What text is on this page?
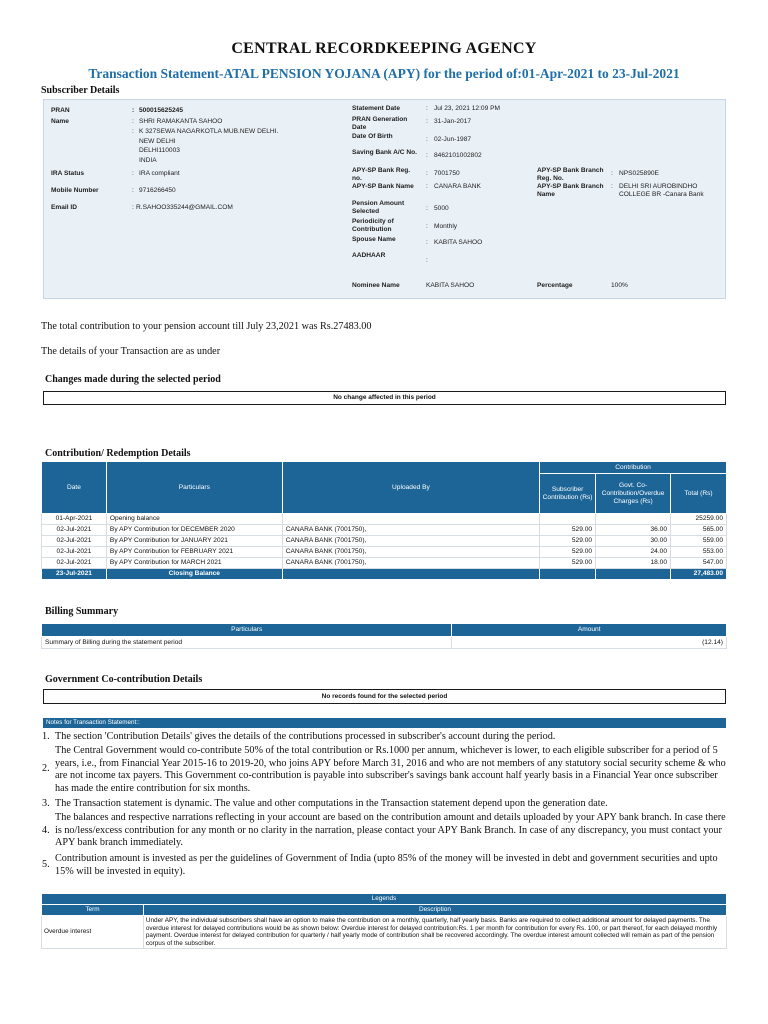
CENTRAL RECORDKEEPING AGENCY
Transaction Statement-ATAL PENSION YOJANA (APY) for the period of:01-Apr-2021 to 23-Jul-2021
Subscriber Details
PRAN	: 500015625245
Name	: SHRI RAMAKANTA SAHOO
: K 327SEWA NAGARKOTLA MUB.NEW DELHI.
NEW DELHI
DELHI110003
INDIA
IRA Status	: IRA compliant
Mobile Number	: 9716266450
Email ID	: R.SAHOO335244@GMAIL.COM
Statement Date	: Jul 23, 2021 12:09 PM
PRAN Generation Date
: 31-Jan-2017
Date Of Birth	: 02-Jun-1987
Saving Bank A/C No. : 8462101002802
APY-SP Bank Reg. no.
: 7001750
APY-SP Bank Name : CANARA BANK
Pension Amount Selected	: 5000
Periodicity of Contribution	: Monthly
Spouse Name	: KABITA SAHOO
AADHAAR
:
Nominee Name	KABITA SAHOO
APY-SP Bank Branch Reg. No.
: NPS025890E
APY-SP Bank Branch Name
: DELHI SRI AUROBINDHO
COLLEGE BR -Canara Bank
Percentage	100%
The total contribution to your pension account till July 23,2021 was Rs.27483.00
The details of your Transaction are as under
Changes made during the selected period
No change affected in this period
Contribution/ Redemption Details
Date	Particulars	Uploaded By	Contribution		
			Subscriber Contribution (Rs)	Govt. Co-Contribution/Overdue Charges (Rs)	Total (Rs)
01-Apr-2021	Opening balance				25259.00
02-Jul-2021	By APY Contribution for DECEMBER 2020	CANARA BANK (7001750),	529.00	36.00	565.00
02-Jul-2021	By APY Contribution for JANUARY 2021	CANARA BANK (7001750),	529.00	30.00	559.00
02-Jul-2021	By APY Contribution for FEBRUARY 2021	CANARA BANK (7001750),	529.00	24.00	553.00
02-Jul-2021	By APY Contribution for MARCH 2021	CANARA BANK (7001750),	529.00	18.00	547.00
23-Jul-2021	Closing Balance				27,483.00
Billing Summary
Particulars	Amount
Summary of Billing during the statement period	(12.14)
Government Co-contribution Details
No records found for the selected period
Notes for Transaction Statement::
1. The section 'Contribution Details' gives the details of the contributions processed in subscriber's account during the period.
2.
The Central Government would co-contribute 50% of the total contribution or Rs.1000 per annum, whichever is lower, to each eligible subscriber for a period of 5 years, i.e., from Financial Year 2015-16 to 2019-20, who joins APY before March 31, 2016 and who are not members of any statutory social security scheme & who are not income tax payers. This Government co-contribution is payable into subscriber's savings bank account half yearly basis in a Financial Year once subscriber has made the entire contribution for six months.
3. The Transaction statement is dynamic. The value and other computations in the Transaction statement depend upon the generation date.
4.
The balances and respective narrations reflecting in your account are based on the contribution amount and details uploaded by your APY bank branch. In case there is no/less/excess contribution for any month or no clarity in the narration, please contact your APY Bank Branch. In case of any discrepancy, you must contact your APY bank branch immediately.
5.
Contribution amount is invested as per the guidelines of Government of India (upto 85% of the money will be invested in debt and government securities and upto 15% will be invested in equity).
Legends	
Term	Description
Overdue interest	Under APY, the individual subscribers shall have an option to make the contribution on a monthly, quarterly, half yearly basis. Banks are required to collect additional amount for delayed payments. The overdue interest for delayed contributions would be as shown below: Overdue interest for delayed contribution:Rs. 1 per month for contribution for every Rs. 100, or part thereof, for each delayed monthly payment. Overdue interest for delayed contribution for quarterly / half yearly mode of contribution shall be recovered accordingly. The overdue interest amount collected will remain as part of the pension corpus of the subscriber.
